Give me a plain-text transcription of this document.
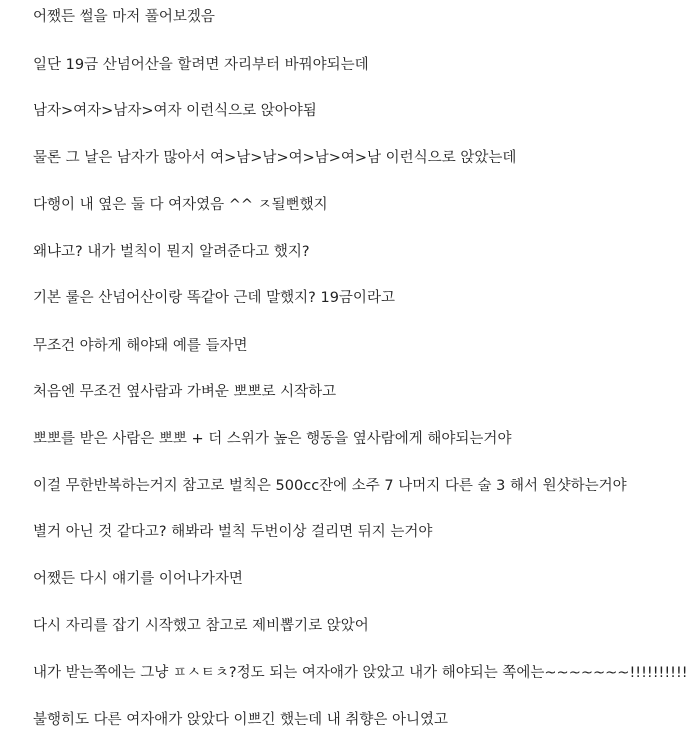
어쨌든 썰을 마저 풀어보겠음
일단 19금 산넘어산을 할려면 자리부터 바꿔야되는데
남자>여자>남자>여자 이런식으로 앉아야됨
물론 그 날은 남자가 많아서 여>남>남>여>남>여>남 이런식으로 앉았는데
다행이 내 옆은 둘 다 여자였음 ^^ ㅈ될뻔했지
왜냐고? 내가 벌칙이 뭔지 알려준다고 했지?
기본 룰은 산넘어산이랑 똑같아 근데 말했지? 19금이라고
무조건 야하게 해야돼 예를 들자면
처음엔 무조건 옆사람과 가벼운 뽀뽀로 시작하고
뽀뽀를 받은 사람은 뽀뽀 + 더 스위가 높은 행동을 옆사람에게 해야되는거야
이걸 무한반복하는거지 참고로 벌칙은 500cc잔에 소주 7 나머지 다른 술 3 해서 원샷하는거야
별거 아닌 것 같다고? 해봐라 벌칙 두번이상 걸리면 뒤지 는거야
어쨌든 다시 얘기를 이어나가자면
다시 자리를 잡기 시작했고 참고로 제비뽑기로 앉았어
내가 받는쪽에는 그냥 ㅍㅅㅌㅊ?정도 되는 여자애가 앉았고 내가 해야되는 쪽에는~~~~~~~!!!!!!!!!!
불행히도 다른 여자애가 앉았다 이쁘긴 했는데 내 취향은 아니였고
